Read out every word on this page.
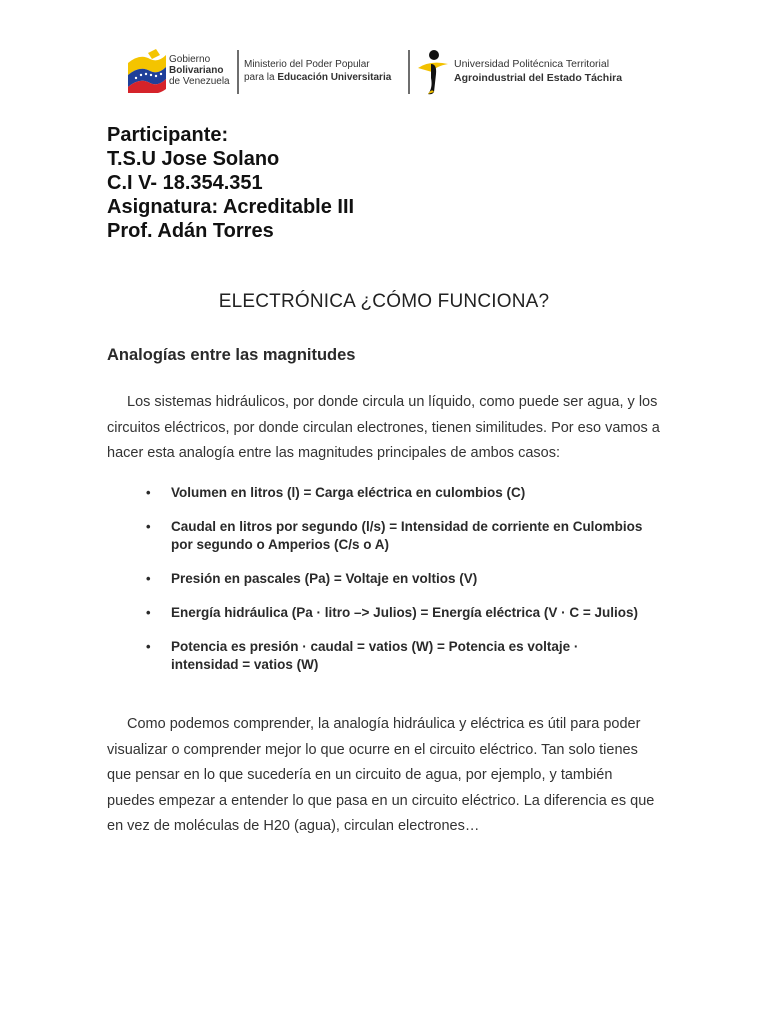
Gobierno
Bolivariano
de Venezuela
Ministerio del Poder Popular
para la Educación Universitaria
Universidad Politécnica Territorial
Agroindustrial del Estado Táchira
Participante:
T.S.U Jose Solano
C.I V- 18.354.351
Asignatura: Acreditable III
Prof. Adán Torres
ELECTRÓNICA ¿CÓMO FUNCIONA?
Analogías entre las magnitudes

Los sistemas hidráulicos, por donde circula un líquido, como puede ser agua, y los circuitos eléctricos, por donde circulan electrones, tienen similitudes. Por eso vamos a hacer esta analogía entre las magnitudes principales de ambos casos:

• Volumen en litros (l) = Carga eléctrica en culombios (C)
• Caudal en litros por segundo (l/s) = Intensidad de corriente en Culombios por segundo o Amperios (C/s o A)
• Presión en pascales (Pa) = Voltaje en voltios (V)
• Energía hidráulica (Pa · litro –> Julios) = Energía eléctrica (V · C = Julios)
• Potencia es presión · caudal = vatios (W) = Potencia es voltaje · intensidad = vatios (W)

Como podemos comprender, la analogía hidráulica y eléctrica es útil para poder visualizar o comprender mejor lo que ocurre en el circuito eléctrico. Tan solo tienes que pensar en lo que sucedería en un circuito de agua, por ejemplo, y también puedes empezar a entender lo que pasa en un circuito eléctrico. La diferencia es que en vez de moléculas de H20 (agua), circulan electrones…
